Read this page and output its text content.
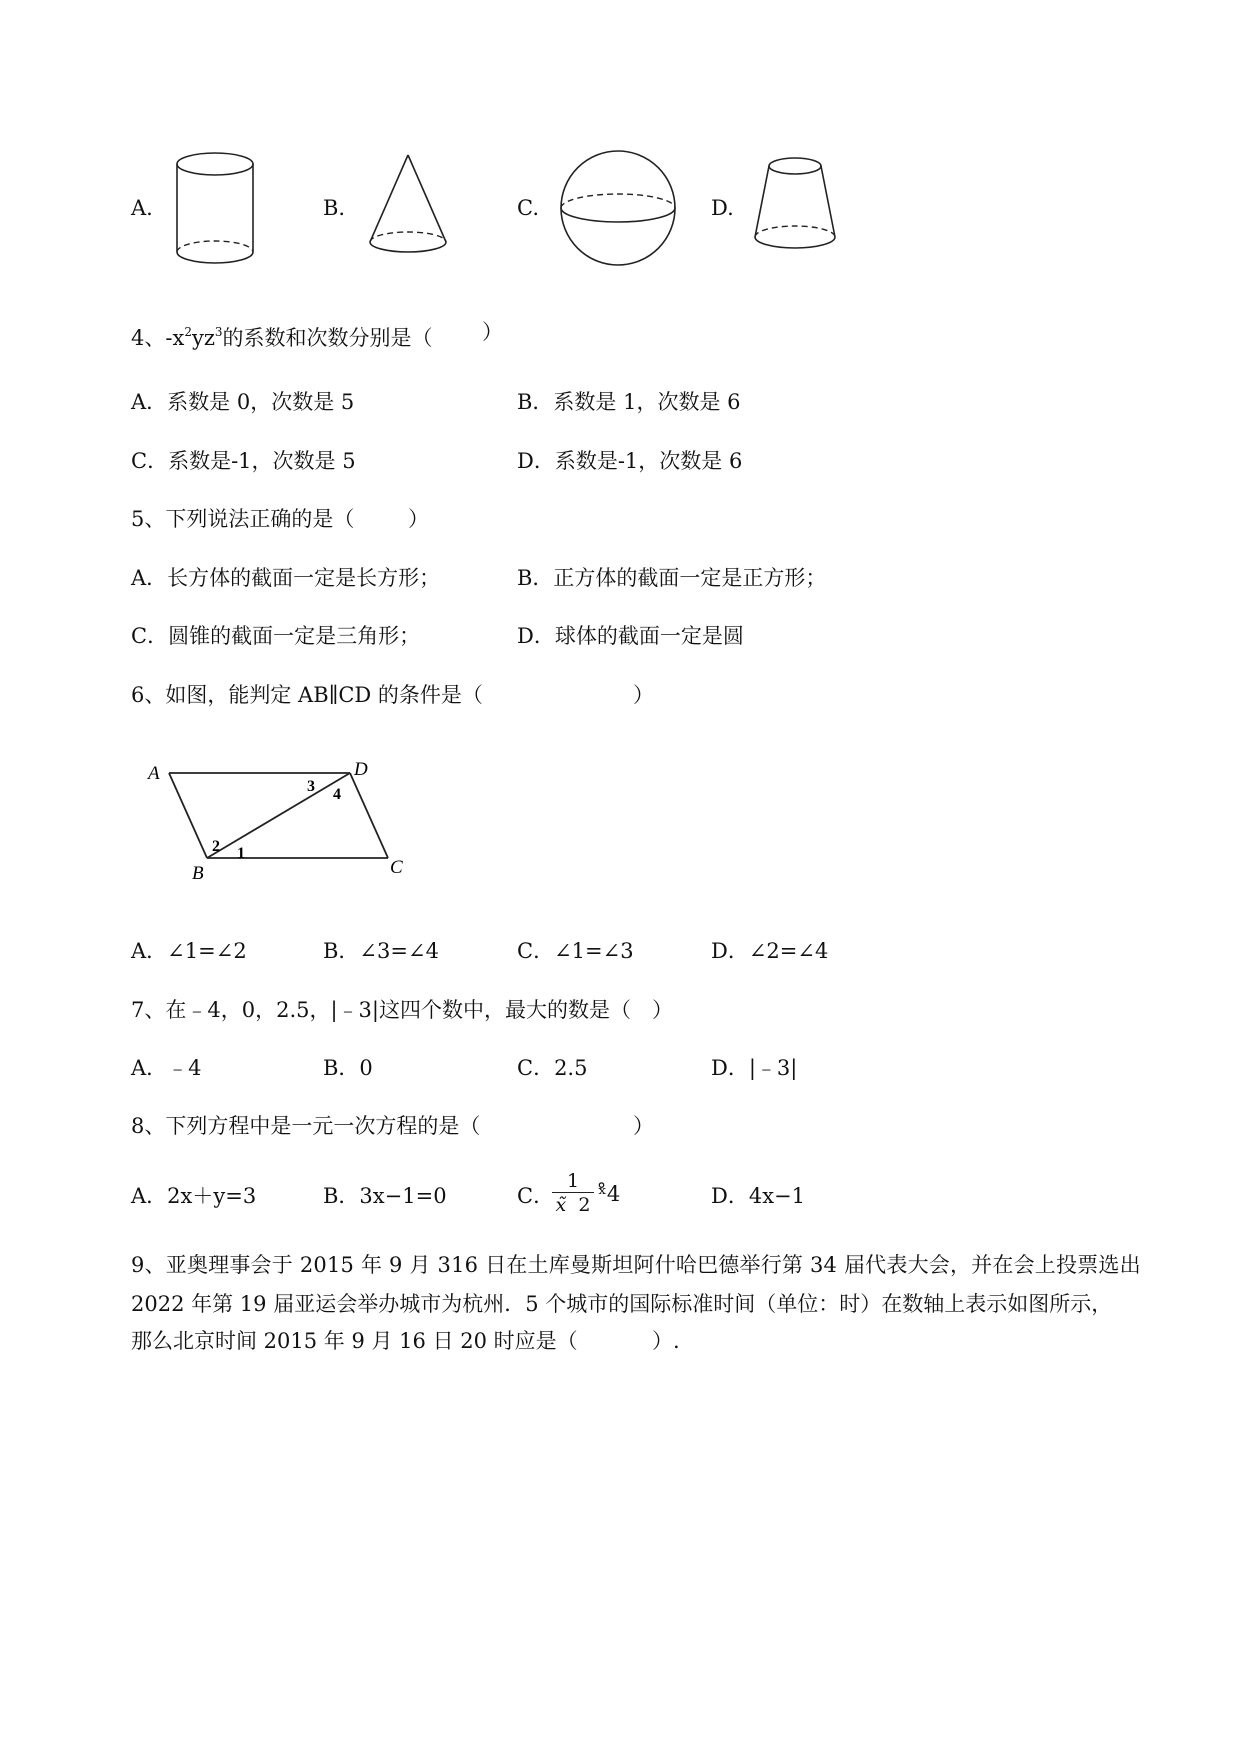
A.	B.	C.	D.
4、$-x^2yz^3$的系数和次数分别是（ ）
A．系数是 0，次数是 5	B．系数是 1，次数是 6
C．系数是-1，次数是 5	D．系数是-1，次数是 6
5、下列说法正确的是（	）
A．长方体的截面一定是长方形；	B．正方体的截面一定是正方形；
C．圆锥的截面一定是三角形；	D．球体的截面一定是圆
6、如图，能判定 AB∥CD 的条件是（	）
A	D
B	C
1
2
3 4
A．∠1=∠2	B．∠3=∠4	C．∠1=∠3	D．∠2=∠4
7、在﹣4，0，2.5，|﹣3|这四个数中，最大的数是（ ）
A．﹣4	B．0	C．2.5	D．|﹣3|
8、下列方程中是一元一次方程的是（	）
A．2x＋y=3	B．3x−1=0	C．
1
x̃ 2 ˣ̊4	D．4x−1
9、亚奥理事会于 2015 年 9 月 316 日在土库曼斯坦阿什哈巴德举行第 34 届代表大会，并在会上投票选出
2022 年第 19 届亚运会举办城市为杭州．5 个城市的国际标准时间（单位：时）在数轴上表示如图所示，
那么北京时间 2015 年 9 月 16 日 20 时应是（	）.
